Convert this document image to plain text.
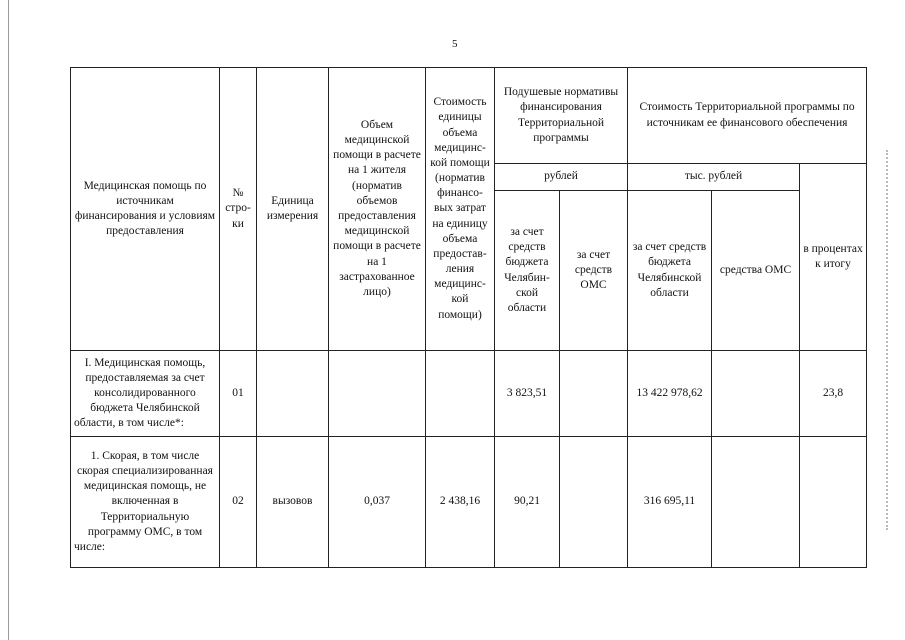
5
Медицинская помощь по источникам финансирования и условиям предоставления	№ стро-ки	Единица измерения	Объем медицинской помощи в расчете на 1 жителя (норматив объемов предоставления медицинской помощи в расчете на 1 застрахованное лицо)	Стоимость единицы объема медицинс-кой помощи (норматив финансо-вых затрат на единицу объема предостав-ления медицинс-кой помощи)	Подушевые нормативы финансирования Территориальной программы		Стоимость Территориальной программы по источникам ее финансового обеспечения		
					рублей		тыс. рублей		в процентах к итогу
					за счет средств бюджета Челябин-ской области	за счет средств ОМС	за счет средств бюджета Челябинской области	средства ОМС	
I. Медицинская помощь, предоставляемая за счет консолидированного бюджета Челябинской области, в том числе*:	01				3 823,51		13 422 978,62		23,8
1. Скорая, в том числе скорая специализированная медицинская помощь, не включенная в Территориальную программу ОМС, в том числе:	02	вызовов	0,037	2 438,16	90,21		316 695,11		
